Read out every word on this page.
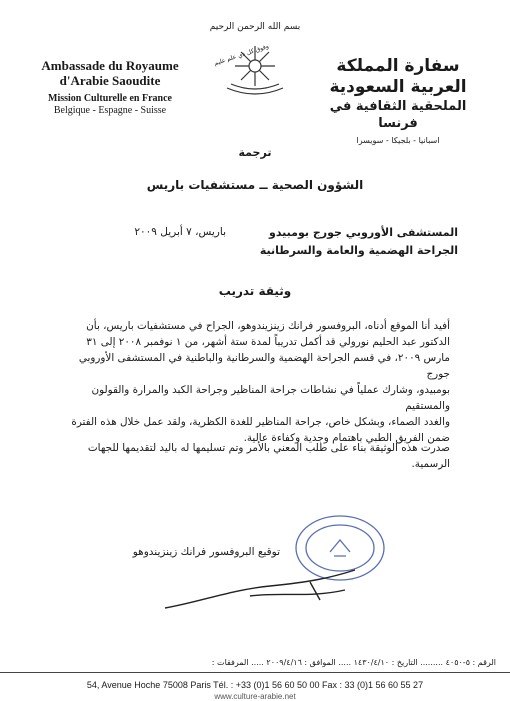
بسم الله الرحمن الرحيم
وفوق كل ذي علم عليم
Ambassade du Royaume
d'Arabie Saoudite
Mission Culturelle en France
Belgique - Espagne - Suisse
سفارة المملكة العربية السعودية
الملحقية الثقافية في فرنسا
اسبانيا - بلجيكا - سويسرا
ترجمة
الشؤون الصحية ــ مستشفيات باريس
المستشفى الأوروبي جورج بومبيدو
الجراحة الهضمية والعامة والسرطانية
باريس، ٧ أبريل ٢٠٠٩
وثيقة تدريب
أفيد أنا الموقع أدناه، البروفسور فرانك زينزيندوهو، الجراح في مستشفيات باريس، بأن
الدكتور عبد الحليم نورولي قد أكمل تدريباً لمدة ستة أشهر، من ١ نوفمبر ٢٠٠٨ إلى ٣١
مارس ٢٠٠٩، في قسم الجراحة الهضمية والسرطانية والباطنية في المستشفى الأوروبي جورج
بومبيدو، وشارك عملياً في نشاطات جراحة المناظير وجراحة الكبد والمرارة والقولون والمستقيم
والغدد الصماء، وبشكل خاص، جراحة المناظير للغدة الكظرية، ولقد عمل خلال هذه الفترة
ضمن الفريق الطبي باهتمام وجدية وكفاءة عالية.
صدرت هذه الوثيقة بناء على طلب المعني بالأمر وتم تسليمها له باليد لتقديمها للجهات
الرسمية.
توقيع البروفسور فرانك زينزيندوهو
الرقم : ٥-٤٠٥٠ ......... التاريخ : ١٤٣٠/٤/١٠ ..... الموافق : ٢٠٠٩/٤/١٦ ..... المرفقات :
54, Avenue Hoche 75008 Paris Tél. : +33 (0)1 56 60 50 00 Fax : 33 (0)1 56 60 55 27
www.culture-arabie.net
